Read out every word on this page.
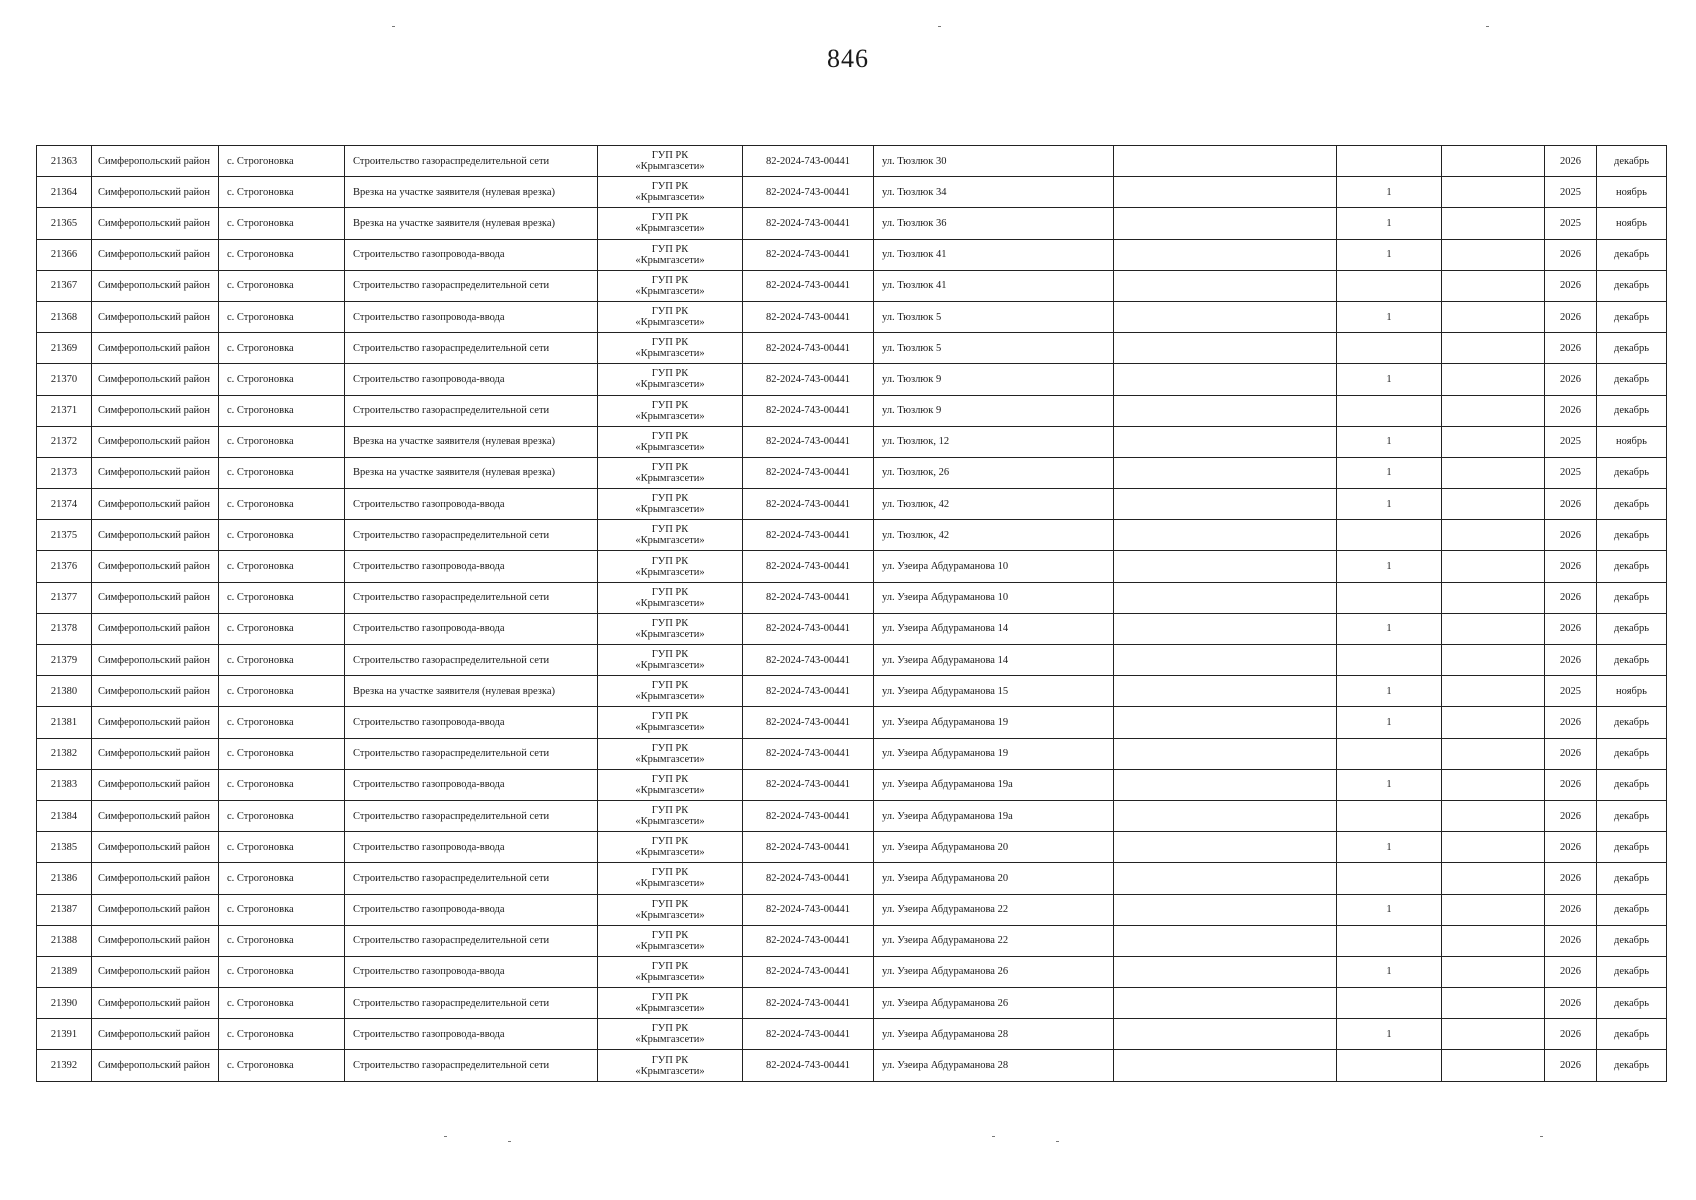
846
21363	Симферопольский район	с. Строгоновка	Строительство газораспределительной сети	ГУП РК
«Крымгазсети»	82-2024-743-00441	ул. Тюзлюк 30				2026	декабрь
21364	Симферопольский район	с. Строгоновка	Врезка на участке заявителя (нулевая врезка)	ГУП РК
«Крымгазсети»	82-2024-743-00441	ул. Тюзлюк 34		1		2025	ноябрь
21365	Симферопольский район	с. Строгоновка	Врезка на участке заявителя (нулевая врезка)	ГУП РК
«Крымгазсети»	82-2024-743-00441	ул. Тюзлюк 36		1		2025	ноябрь
21366	Симферопольский район	с. Строгоновка	Строительство газопровода-ввода	ГУП РК
«Крымгазсети»	82-2024-743-00441	ул. Тюзлюк 41		1		2026	декабрь
21367	Симферопольский район	с. Строгоновка	Строительство газораспределительной сети	ГУП РК
«Крымгазсети»	82-2024-743-00441	ул. Тюзлюк 41				2026	декабрь
21368	Симферопольский район	с. Строгоновка	Строительство газопровода-ввода	ГУП РК
«Крымгазсети»	82-2024-743-00441	ул. Тюзлюк 5		1		2026	декабрь
21369	Симферопольский район	с. Строгоновка	Строительство газораспределительной сети	ГУП РК
«Крымгазсети»	82-2024-743-00441	ул. Тюзлюк 5				2026	декабрь
21370	Симферопольский район	с. Строгоновка	Строительство газопровода-ввода	ГУП РК
«Крымгазсети»	82-2024-743-00441	ул. Тюзлюк 9		1		2026	декабрь
21371	Симферопольский район	с. Строгоновка	Строительство газораспределительной сети	ГУП РК
«Крымгазсети»	82-2024-743-00441	ул. Тюзлюк 9				2026	декабрь
21372	Симферопольский район	с. Строгоновка	Врезка на участке заявителя (нулевая врезка)	ГУП РК
«Крымгазсети»	82-2024-743-00441	ул. Тюзлюк, 12		1		2025	ноябрь
21373	Симферопольский район	с. Строгоновка	Врезка на участке заявителя (нулевая врезка)	ГУП РК
«Крымгазсети»	82-2024-743-00441	ул. Тюзлюк, 26		1		2025	декабрь
21374	Симферопольский район	с. Строгоновка	Строительство газопровода-ввода	ГУП РК
«Крымгазсети»	82-2024-743-00441	ул. Тюзлюк, 42		1		2026	декабрь
21375	Симферопольский район	с. Строгоновка	Строительство газораспределительной сети	ГУП РК
«Крымгазсети»	82-2024-743-00441	ул. Тюзлюк, 42				2026	декабрь
21376	Симферопольский район	с. Строгоновка	Строительство газопровода-ввода	ГУП РК
«Крымгазсети»	82-2024-743-00441	ул. Узеира Абдураманова 10		1		2026	декабрь
21377	Симферопольский район	с. Строгоновка	Строительство газораспределительной сети	ГУП РК
«Крымгазсети»	82-2024-743-00441	ул. Узеира Абдураманова 10				2026	декабрь
21378	Симферопольский район	с. Строгоновка	Строительство газопровода-ввода	ГУП РК
«Крымгазсети»	82-2024-743-00441	ул. Узеира Абдураманова 14		1		2026	декабрь
21379	Симферопольский район	с. Строгоновка	Строительство газораспределительной сети	ГУП РК
«Крымгазсети»	82-2024-743-00441	ул. Узеира Абдураманова 14				2026	декабрь
21380	Симферопольский район	с. Строгоновка	Врезка на участке заявителя (нулевая врезка)	ГУП РК
«Крымгазсети»	82-2024-743-00441	ул. Узеира Абдураманова 15		1		2025	ноябрь
21381	Симферопольский район	с. Строгоновка	Строительство газопровода-ввода	ГУП РК
«Крымгазсети»	82-2024-743-00441	ул. Узеира Абдураманова 19		1		2026	декабрь
21382	Симферопольский район	с. Строгоновка	Строительство газораспределительной сети	ГУП РК
«Крымгазсети»	82-2024-743-00441	ул. Узеира Абдураманова 19				2026	декабрь
21383	Симферопольский район	с. Строгоновка	Строительство газопровода-ввода	ГУП РК
«Крымгазсети»	82-2024-743-00441	ул. Узеира Абдураманова 19а		1		2026	декабрь
21384	Симферопольский район	с. Строгоновка	Строительство газораспределительной сети	ГУП РК
«Крымгазсети»	82-2024-743-00441	ул. Узеира Абдураманова 19а				2026	декабрь
21385	Симферопольский район	с. Строгоновка	Строительство газопровода-ввода	ГУП РК
«Крымгазсети»	82-2024-743-00441	ул. Узеира Абдураманова 20		1		2026	декабрь
21386	Симферопольский район	с. Строгоновка	Строительство газораспределительной сети	ГУП РК
«Крымгазсети»	82-2024-743-00441	ул. Узеира Абдураманова 20				2026	декабрь
21387	Симферопольский район	с. Строгоновка	Строительство газопровода-ввода	ГУП РК
«Крымгазсети»	82-2024-743-00441	ул. Узеира Абдураманова 22		1		2026	декабрь
21388	Симферопольский район	с. Строгоновка	Строительство газораспределительной сети	ГУП РК
«Крымгазсети»	82-2024-743-00441	ул. Узеира Абдураманова 22				2026	декабрь
21389	Симферопольский район	с. Строгоновка	Строительство газопровода-ввода	ГУП РК
«Крымгазсети»	82-2024-743-00441	ул. Узеира Абдураманова 26		1		2026	декабрь
21390	Симферопольский район	с. Строгоновка	Строительство газораспределительной сети	ГУП РК
«Крымгазсети»	82-2024-743-00441	ул. Узеира Абдураманова 26				2026	декабрь
21391	Симферопольский район	с. Строгоновка	Строительство газопровода-ввода	ГУП РК
«Крымгазсети»	82-2024-743-00441	ул. Узеира Абдураманова 28		1		2026	декабрь
21392	Симферопольский район	с. Строгоновка	Строительство газораспределительной сети	ГУП РК
«Крымгазсети»	82-2024-743-00441	ул. Узеира Абдураманова 28				2026	декабрь
